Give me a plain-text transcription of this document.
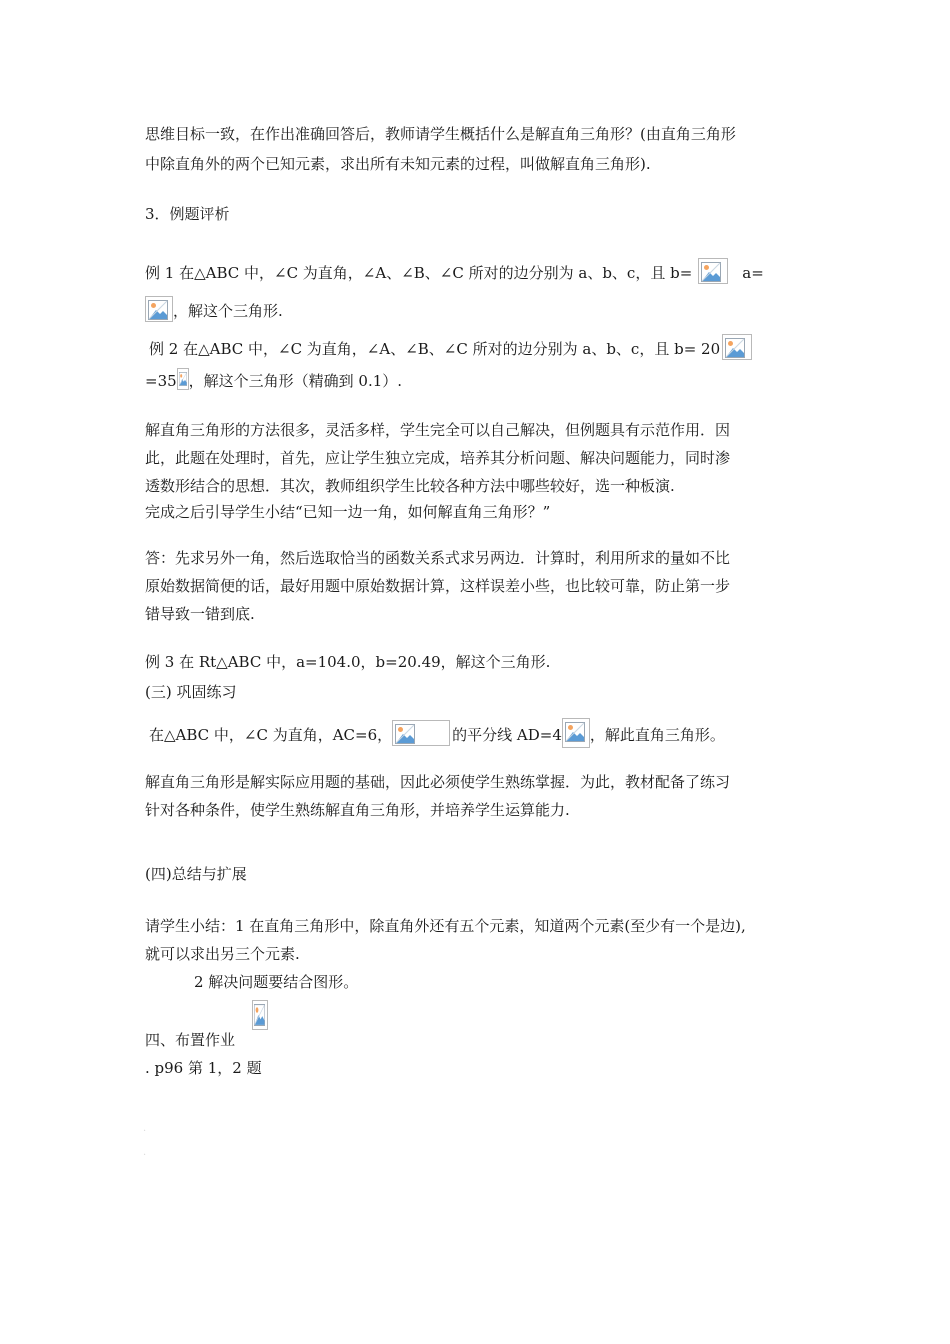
思维目标一致，在作出准确回答后，教师请学生概括什么是解直角三角形？(由直角三角形
中除直角外的两个已知元素，求出所有未知元素的过程，叫做解直角三角形).
3．例题评析
例 1 在△ABC 中，∠C 为直角，∠A、∠B、∠C 所对的边分别为 a、b、c，且 b=	a=
，解这个三角形.
例 2 在△ABC 中，∠C 为直角，∠A、∠B、∠C 所对的边分别为 a、b、c，且 b= 20
=35 ，解这个三角形（精确到 0.1）.
解直角三角形的方法很多，灵活多样，学生完全可以自己解决，但例题具有示范作用．因
此，此题在处理时，首先，应让学生独立完成，培养其分析问题、解决问题能力，同时渗
透数形结合的思想．其次，教师组织学生比较各种方法中哪些较好，选一种板演.
完成之后引导学生小结“已知一边一角，如何解直角三角形？”
答：先求另外一角，然后选取恰当的函数关系式求另两边．计算时，利用所求的量如不比
原始数据简便的话，最好用题中原始数据计算，这样误差小些，也比较可靠，防止第一步
错导致一错到底.
例 3 在 Rt△ABC 中，a=104.0，b=20.49，解这个三角形.
(三) 巩固练习
在△ABC 中，∠C 为直角，AC=6，	的平分线 AD=4 ，解此直角三角形。
解直角三角形是解实际应用题的基础，因此必须使学生熟练掌握．为此，教材配备了练习
针对各种条件，使学生熟练解直角三角形，并培养学生运算能力.
(四)总结与扩展
请学生小结：1 在直角三角形中，除直角外还有五个元素，知道两个元素(至少有一个是边),
就可以求出另三个元素.
2 解决问题要结合图形。
四、布置作业
. p96 第 1，2 题
·
·
